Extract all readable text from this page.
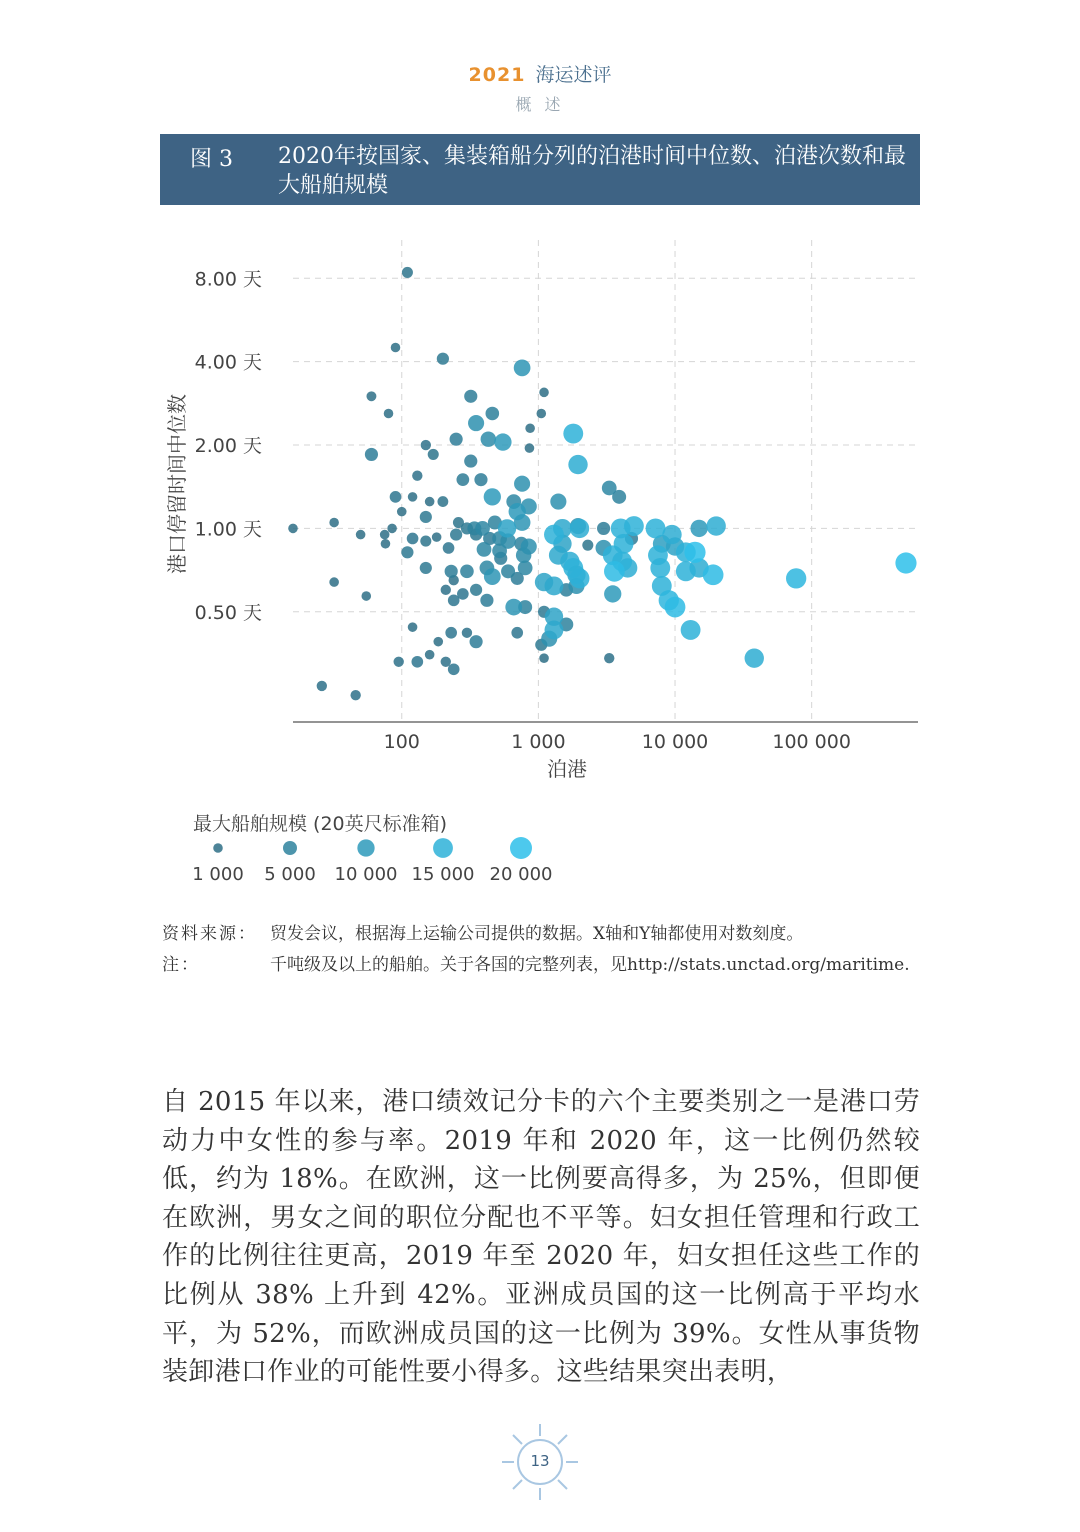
2021 海运述评
概 述
图 3 2020年按国家、集装箱船分列的泊港时间中位数、泊港次数和最大船舶规模
100	1 000	10 000	100 000
0.50 天
1.00 天
2.00 天
4.00 天
8.00 天
泊港
港口停留时间中位数
最大船舶规模 (20英尺标准箱)
1 000 5 000 10 000 15 000 20 000
资料来源： 贸发会议，根据海上运输公司提供的数据。X轴和Y轴都使用对数刻度。
注：	千吨级及以上的船舶。关于各国的完整列表，见http://stats.unctad.org/maritime.
自 2015 年以来，港口绩效记分卡的六个主要类别之一是港口劳动力中女性的参与率。2019 年和 2020 年，这一比例仍然较低，约为 18%。在欧洲，这一比例要高得多，为 25%，但即便在欧洲，男女之间的职位分配也不平等。妇女担任管理和行政工作的比例往往更高，2019 年至 2020 年，妇女担任这些工作的比例从 38% 上升到 42%。亚洲成员国的这一比例高于平均水平，为 52%，而欧洲成员国的这一比例为 39%。女性从事货物装卸港口作业的可能性要小得多。这些结果突出表明，
13
